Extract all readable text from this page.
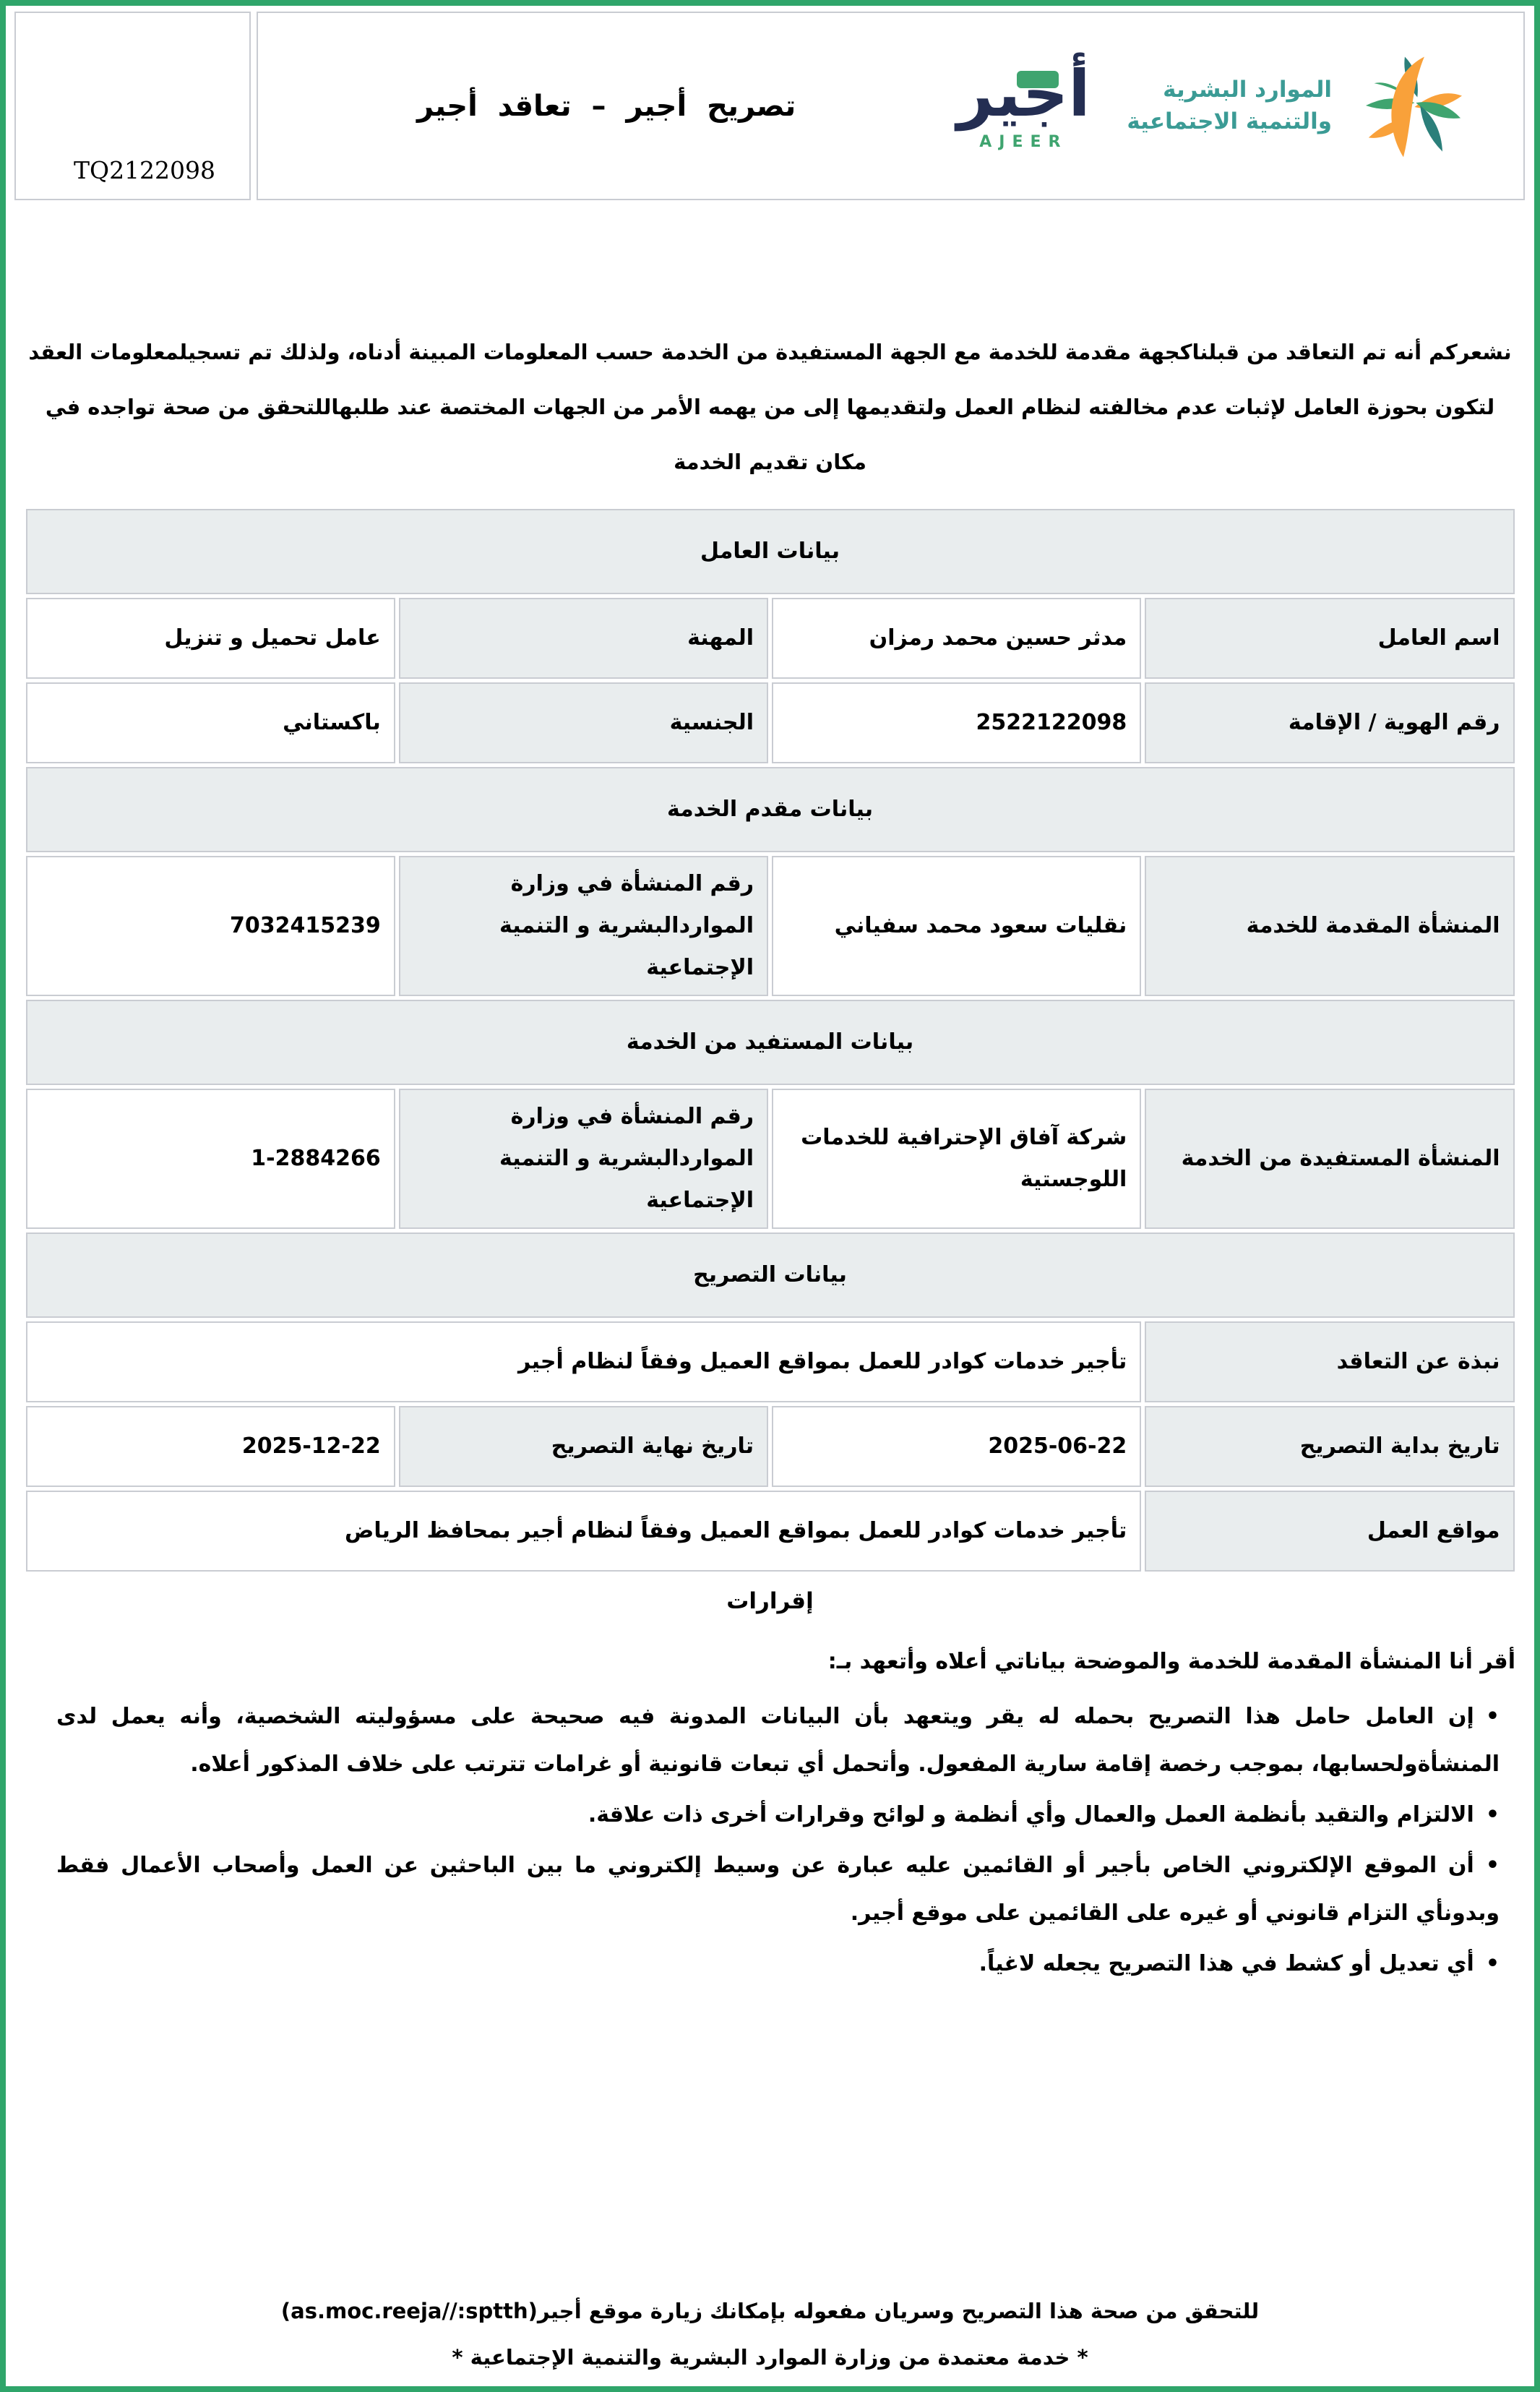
TQ2122098
تصريح أجير – تعاقد أجير	أجير
AJEER
الموارد البشرية
والتنمية الاجتماعية
نشعركم أنه تم التعاقد من قبلناكجهة مقدمة للخدمة مع الجهة المستفيدة من الخدمة حسب المعلومات المبينة أدناه، ولذلك تم تسجيلمعلومات العقد لتكون بحوزة العامل لإثبات عدم مخالفته لنظام العمل ولتقديمها إلى من يهمه الأمر من الجهات المختصة عند طلبهاللتحقق من صحة تواجده في مكان تقديم الخدمة
بيانات العامل			
اسم العامل	مدثر حسين محمد رمزان	المهنة	عامل تحميل و تنزيل
رقم الهوية / الإقامة	2522122098	الجنسية	باكستاني
بيانات مقدم الخدمة			
المنشأة المقدمة للخدمة	نقليات سعود محمد سفياني	رقم المنشأة في وزارة المواردالبشرية و التنمية الإجتماعية	7032415239
بيانات المستفيد من الخدمة			
المنشأة المستفيدة من الخدمة	شركة آفاق الإحترافية للخدمات اللوجستية	رقم المنشأة في وزارة المواردالبشرية و التنمية الإجتماعية	1-2884266
بيانات التصريح			
نبذة عن التعاقد	تأجير خدمات كوادر للعمل بمواقع العميل وفقاً لنظام أجير		
تاريخ بداية التصريح	2025-06-22	تاريخ نهاية التصريح	2025-12-22
مواقع العمل	تأجير خدمات كوادر للعمل بمواقع العميل وفقاً لنظام أجير بمحافظ الرياض		
إقرارات
أقر أنا المنشأة المقدمة للخدمة والموضحة بياناتي أعلاه وأتعهد بـ:
•إن العامل حامل هذا التصريح بحمله له يقر ويتعهد بأن البيانات المدونة فيه صحيحة على مسؤوليته الشخصية، وأنه يعمل لدى المنشأةولحسابها، بموجب رخصة إقامة سارية المفعول. وأتحمل أي تبعات قانونية أو غرامات تترتب على خلاف المذكور أعلاه.
•الالتزام والتقيد بأنظمة العمل والعمال وأي أنظمة و لوائح وقرارات أخرى ذات علاقة.
•أن الموقع الإلكتروني الخاص بأجير أو القائمين عليه عبارة عن وسيط إلكتروني ما بين الباحثين عن العمل وأصحاب الأعمال فقط وبدونأي التزام قانوني أو غيره على القائمين على موقع أجير.
•أي تعديل أو كشط في هذا التصريح يجعله لاغياً.
للتحقق من صحة هذا التصريح وسريان مفعوله بإمكانك زيارة موقع أجير(as.moc.reeja//:sptth)
* خدمة معتمدة من وزارة الموارد البشرية والتنمية الإجتماعية *
